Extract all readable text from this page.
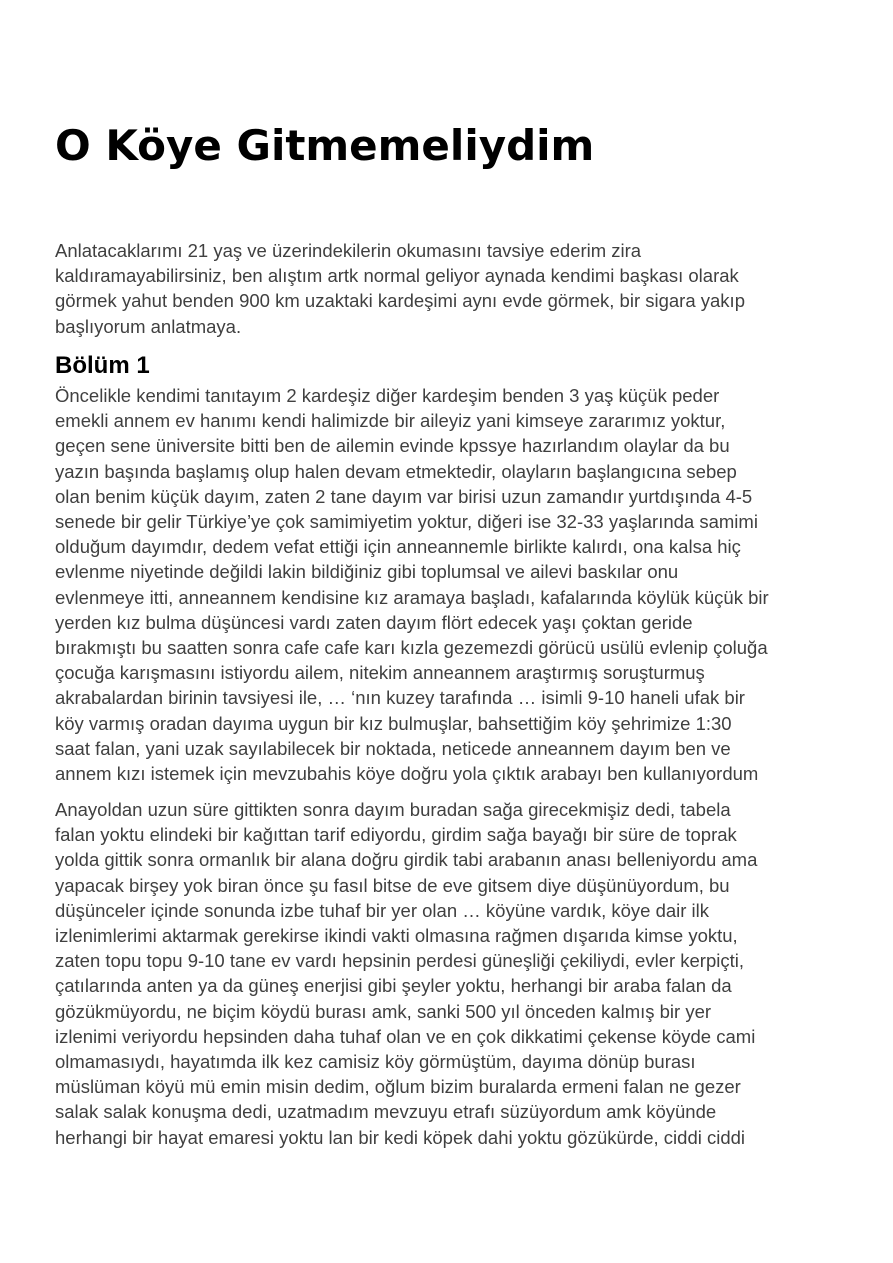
O Köye Gitmemeliydim

Anlatacaklarımı 21 yaş ve üzerindekilerin okumasını tavsiye ederim zira
kaldıramayabilirsiniz, ben alıştım artk normal geliyor aynada kendimi başkası olarak
görmek yahut benden 900 km uzaktaki kardeşimi aynı evde görmek, bir sigara yakıp
başlıyorum anlatmaya.

Bölüm 1

Öncelikle kendimi tanıtayım 2 kardeşiz diğer kardeşim benden 3 yaş küçük peder
emekli annem ev hanımı kendi halimizde bir aileyiz yani kimseye zararımız yoktur,
geçen sene üniversite bitti ben de ailemin evinde kpssye hazırlandım olaylar da bu
yazın başında başlamış olup halen devam etmektedir, olayların başlangıcına sebep
olan benim küçük dayım, zaten 2 tane dayım var birisi uzun zamandır yurtdışında 4-5
senede bir gelir Türkiye’ye çok samimiyetim yoktur, diğeri ise 32-33 yaşlarında samimi
olduğum dayımdır, dedem vefat ettiği için anneannemle birlikte kalırdı, ona kalsa hiç
evlenme niyetinde değildi lakin bildiğiniz gibi toplumsal ve ailevi baskılar onu
evlenmeye itti, anneannem kendisine kız aramaya başladı, kafalarında köylük küçük bir
yerden kız bulma düşüncesi vardı zaten dayım flört edecek yaşı çoktan geride
bırakmıştı bu saatten sonra cafe cafe karı kızla gezemezdi görücü usülü evlenip çoluğa
çocuğa karışmasını istiyordu ailem, nitekim anneannem araştırmış soruşturmuş
akrabalardan birinin tavsiyesi ile, … ‘nın kuzey tarafında … isimli 9-10 haneli ufak bir
köy varmış oradan dayıma uygun bir kız bulmuşlar, bahsettiğim köy şehrimize 1:30
saat falan, yani uzak sayılabilecek bir noktada, neticede anneannem dayım ben ve
annem kızı istemek için mevzubahis köye doğru yola çıktık arabayı ben kullanıyordum

Anayoldan uzun süre gittikten sonra dayım buradan sağa girecekmişiz dedi, tabela
falan yoktu elindeki bir kağıttan tarif ediyordu, girdim sağa bayağı bir süre de toprak
yolda gittik sonra ormanlık bir alana doğru girdik tabi arabanın anası belleniyordu ama
yapacak birşey yok biran önce şu fasıl bitse de eve gitsem diye düşünüyordum, bu
düşünceler içinde sonunda izbe tuhaf bir yer olan … köyüne vardık, köye dair ilk
izlenimlerimi aktarmak gerekirse ikindi vakti olmasına rağmen dışarıda kimse yoktu,
zaten topu topu 9-10 tane ev vardı hepsinin perdesi güneşliği çekiliydi, evler kerpiçti,
çatılarında anten ya da güneş enerjisi gibi şeyler yoktu, herhangi bir araba falan da
gözükmüyordu, ne biçim köydü burası amk, sanki 500 yıl önceden kalmış bir yer
izlenimi veriyordu hepsinden daha tuhaf olan ve en çok dikkatimi çekense köyde cami
olmamasıydı, hayatımda ilk kez camisiz köy görmüştüm, dayıma dönüp burası
müslüman köyü mü emin misin dedim, oğlum bizim buralarda ermeni falan ne gezer
salak salak konuşma dedi, uzatmadım mevzuyu etrafı süzüyordum amk köyünde
herhangi bir hayat emaresi yoktu lan bir kedi köpek dahi yoktu gözükürde, ciddi ciddi
